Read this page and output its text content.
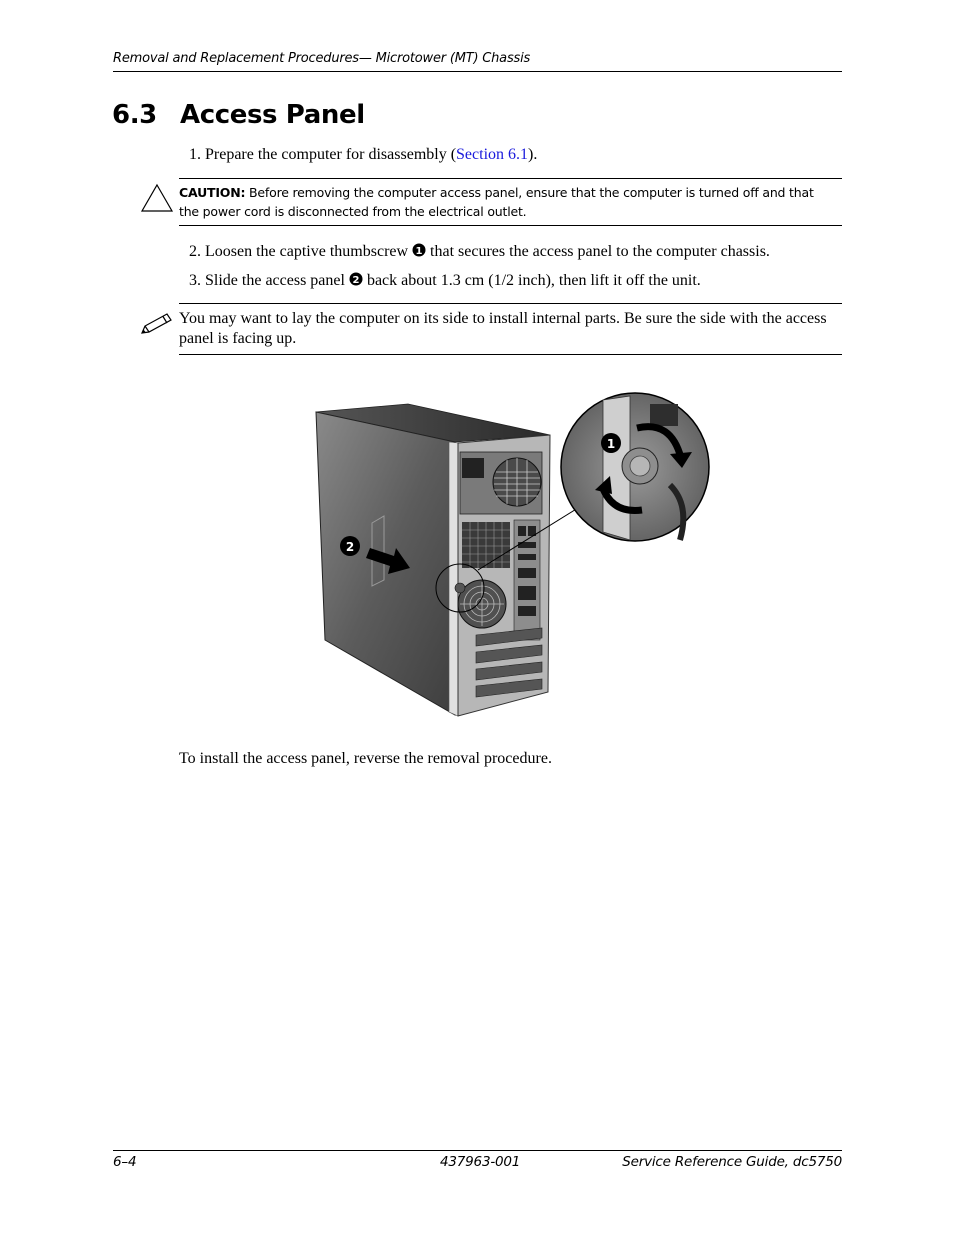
Removal and Replacement Procedures— Microtower (MT) Chassis
6.3 Access Panel
1. Prepare the computer for disassembly (Section 6.1).
CAUTION: Before removing the computer access panel, ensure that the computer is turned off and that the power cord is disconnected from the electrical outlet.
2. Loosen the captive thumbscrew 1 that secures the access panel to the computer chassis.
3. Slide the access panel 2 back about 1.3 cm (1/2 inch), then lift it off the unit.
You may want to lay the computer on its side to install internal parts. Be sure the side with the access panel is facing up.
1
2
To install the access panel, reverse the removal procedure.
6–4	437963-001	Service Reference Guide, dc5750
